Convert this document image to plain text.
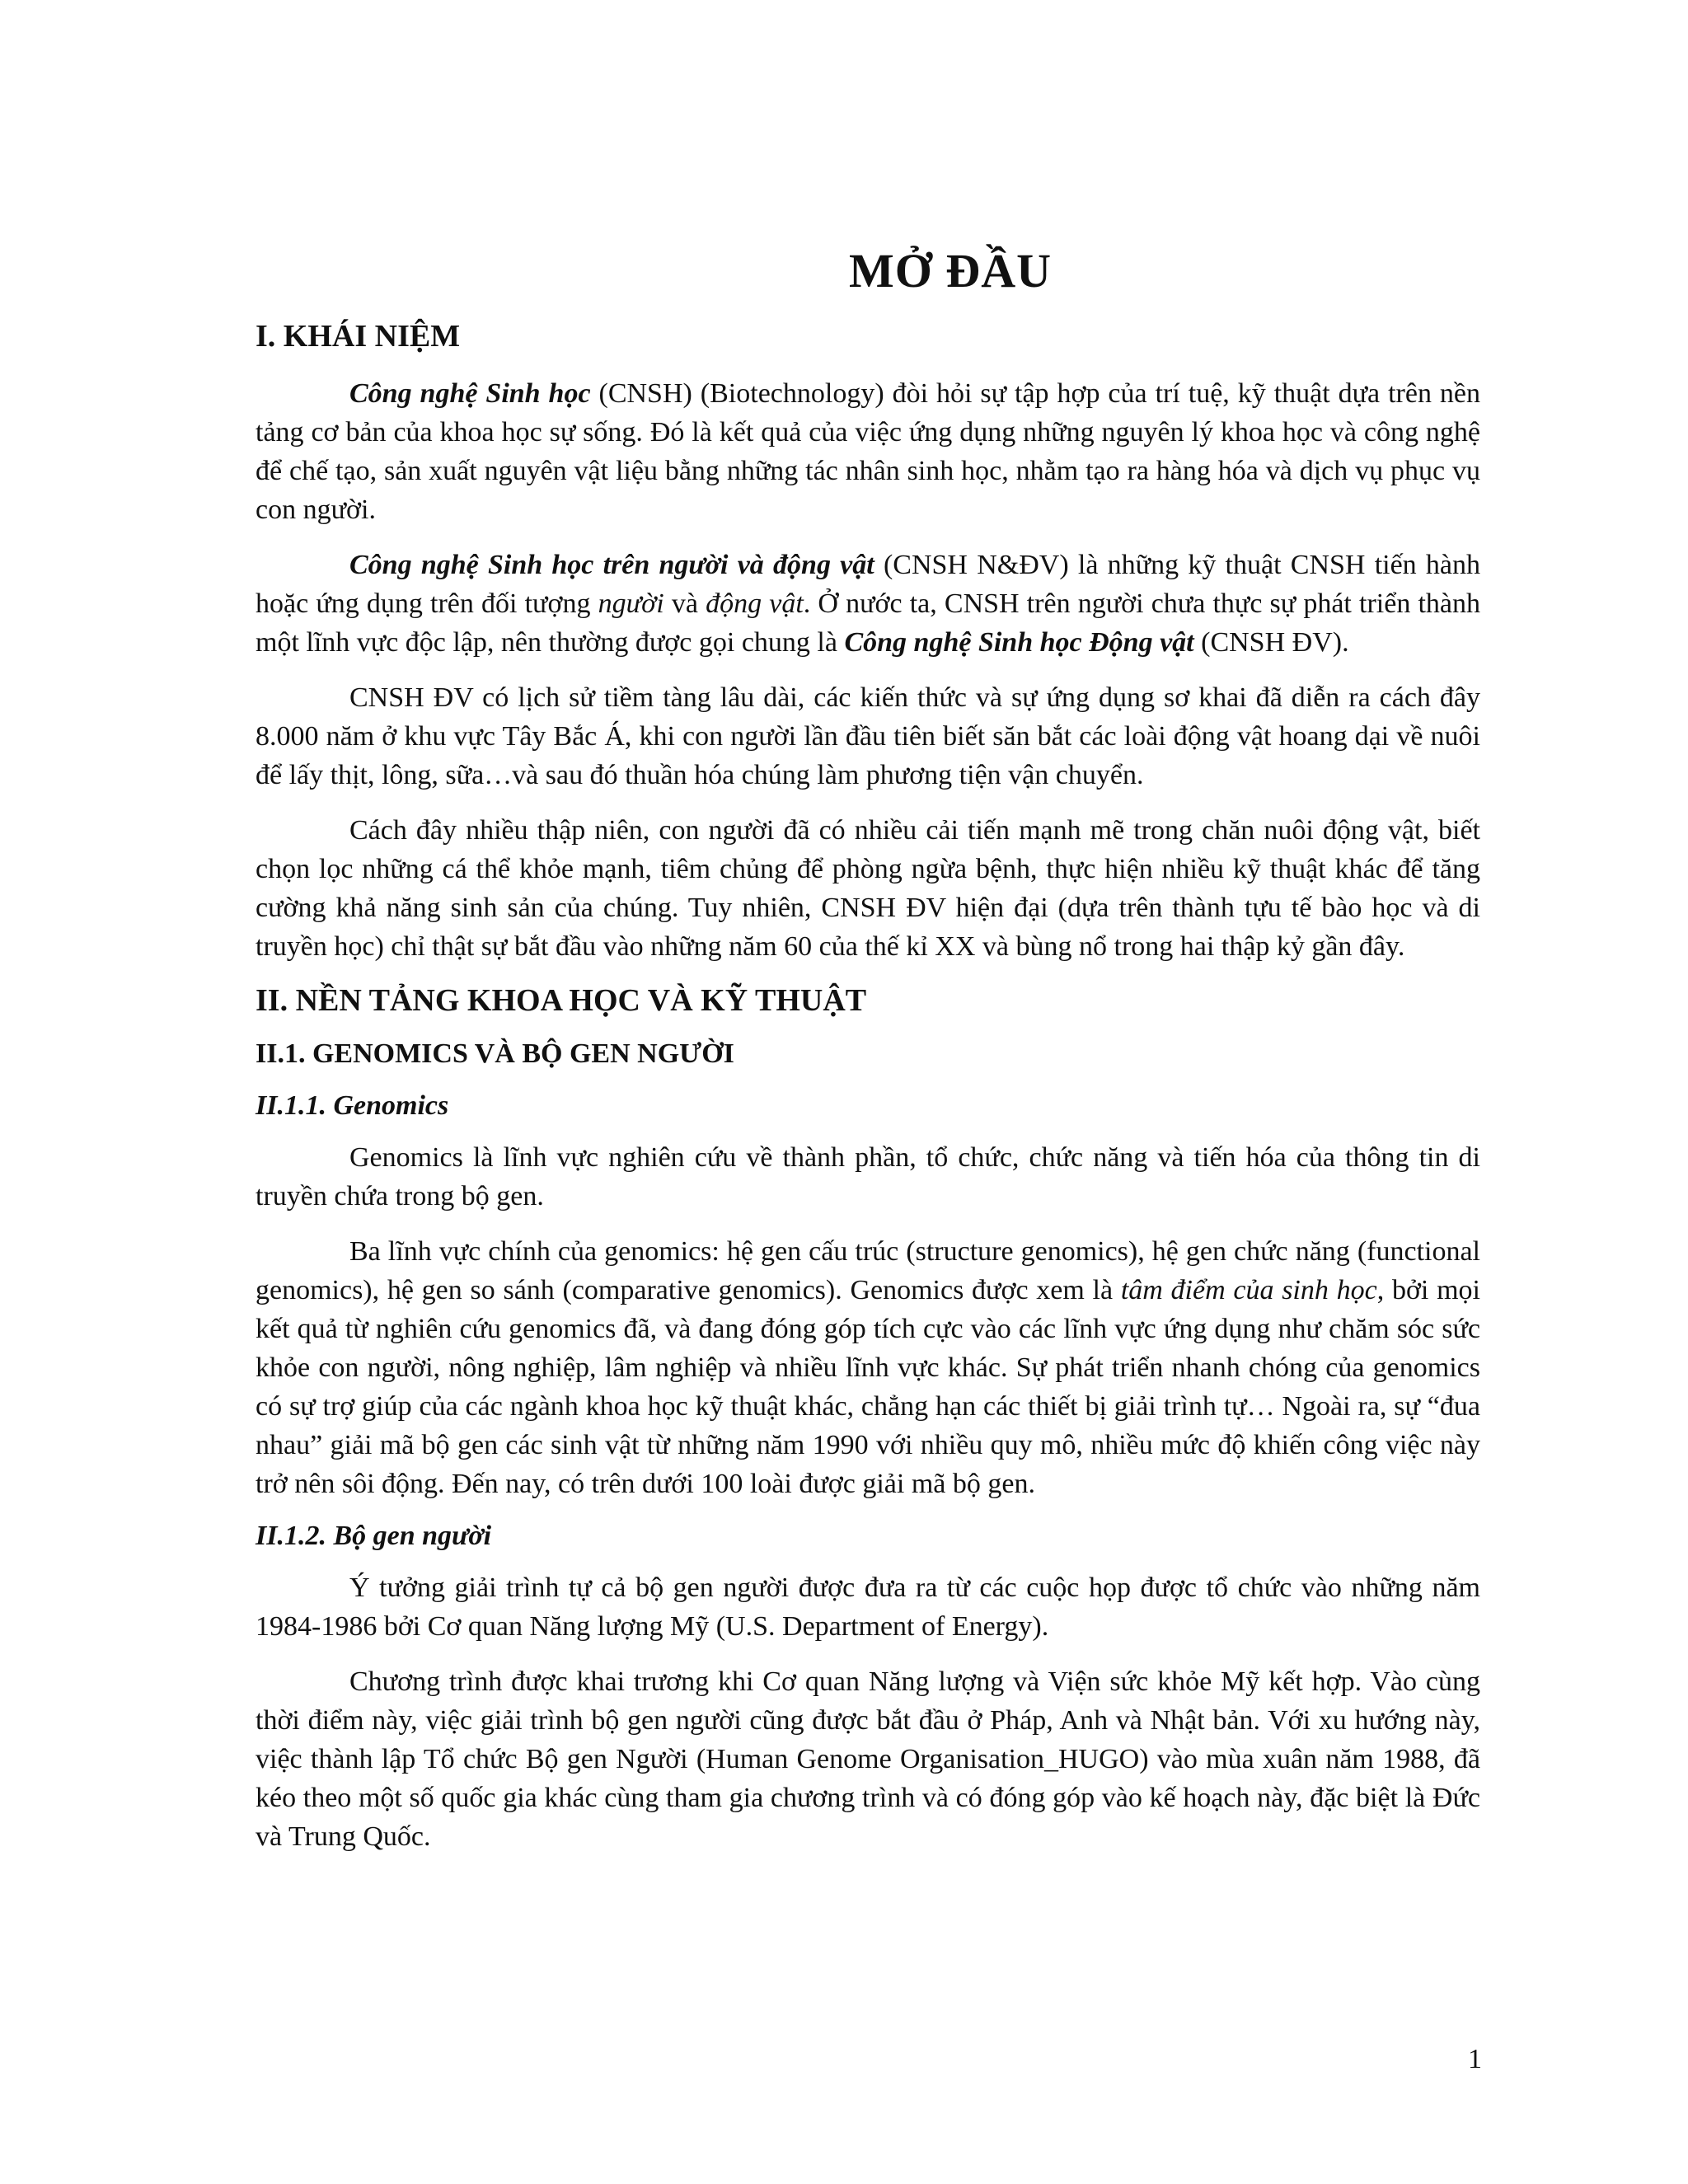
MỞ ĐẦU
I. KHÁI NIỆM

Công nghệ Sinh học (CNSH) (Biotechnology) đòi hỏi sự tập hợp của trí tuệ, kỹ thuật dựa trên nền tảng cơ bản của khoa học sự sống. Đó là kết quả của việc ứng dụng những nguyên lý khoa học và công nghệ để chế tạo, sản xuất nguyên vật liệu bằng những tác nhân sinh học, nhằm tạo ra hàng hóa và dịch vụ phục vụ con người.

Công nghệ Sinh học trên người và động vật (CNSH N&ĐV) là những kỹ thuật CNSH tiến hành hoặc ứng dụng trên đối tượng người và động vật. Ở nước ta, CNSH trên người chưa thực sự phát triển thành một lĩnh vực độc lập, nên thường được gọi chung là Công nghệ Sinh học Động vật (CNSH ĐV).

CNSH ĐV có lịch sử tiềm tàng lâu dài, các kiến thức và sự ứng dụng sơ khai đã diễn ra cách đây 8.000 năm ở khu vực Tây Bắc Á, khi con người lần đầu tiên biết săn bắt các loài động vật hoang dại về nuôi để lấy thịt, lông, sữa…và sau đó thuần hóa chúng làm phương tiện vận chuyển.

Cách đây nhiều thập niên, con người đã có nhiều cải tiến mạnh mẽ trong chăn nuôi động vật, biết chọn lọc những cá thể khỏe mạnh, tiêm chủng để phòng ngừa bệnh, thực hiện nhiều kỹ thuật khác để tăng cường khả năng sinh sản của chúng. Tuy nhiên, CNSH ĐV hiện đại (dựa trên thành tựu tế bào học và di truyền học) chỉ thật sự bắt đầu vào những năm 60 của thế kỉ XX và bùng nổ trong hai thập kỷ gần đây.

II. NỀN TẢNG KHOA HỌC VÀ KỸ THUẬT
II.1. GENOMICS VÀ BỘ GEN NGƯỜI
II.1.1. Genomics

Genomics là lĩnh vực nghiên cứu về thành phần, tổ chức, chức năng và tiến hóa của thông tin di truyền chứa trong bộ gen.

Ba lĩnh vực chính của genomics: hệ gen cấu trúc (structure genomics), hệ gen chức năng (functional genomics), hệ gen so sánh (comparative genomics). Genomics được xem là tâm điểm của sinh học, bởi mọi kết quả từ nghiên cứu genomics đã, và đang đóng góp tích cực vào các lĩnh vực ứng dụng như chăm sóc sức khỏe con người, nông nghiệp, lâm nghiệp và nhiều lĩnh vực khác. Sự phát triển nhanh chóng của genomics có sự trợ giúp của các ngành khoa học kỹ thuật khác, chẳng hạn các thiết bị giải trình tự… Ngoài ra, sự “đua nhau” giải mã bộ gen các sinh vật từ những năm 1990 với nhiều quy mô, nhiều mức độ khiến công việc này trở nên sôi động. Đến nay, có trên dưới 100 loài được giải mã bộ gen.

II.1.2. Bộ gen người

Ý tưởng giải trình tự cả bộ gen người được đưa ra từ các cuộc họp được tổ chức vào những năm 1984-1986 bởi Cơ quan Năng lượng Mỹ (U.S. Department of Energy).

Chương trình được khai trương khi Cơ quan Năng lượng và Viện sức khỏe Mỹ kết hợp. Vào cùng thời điểm này, việc giải trình bộ gen người cũng được bắt đầu ở Pháp, Anh và Nhật bản. Với xu hướng này, việc thành lập Tổ chức Bộ gen Người (Human Genome Organisation_HUGO) vào mùa xuân năm 1988, đã kéo theo một số quốc gia khác cùng tham gia chương trình và có đóng góp vào kế hoạch này, đặc biệt là Đức và Trung Quốc.

1
